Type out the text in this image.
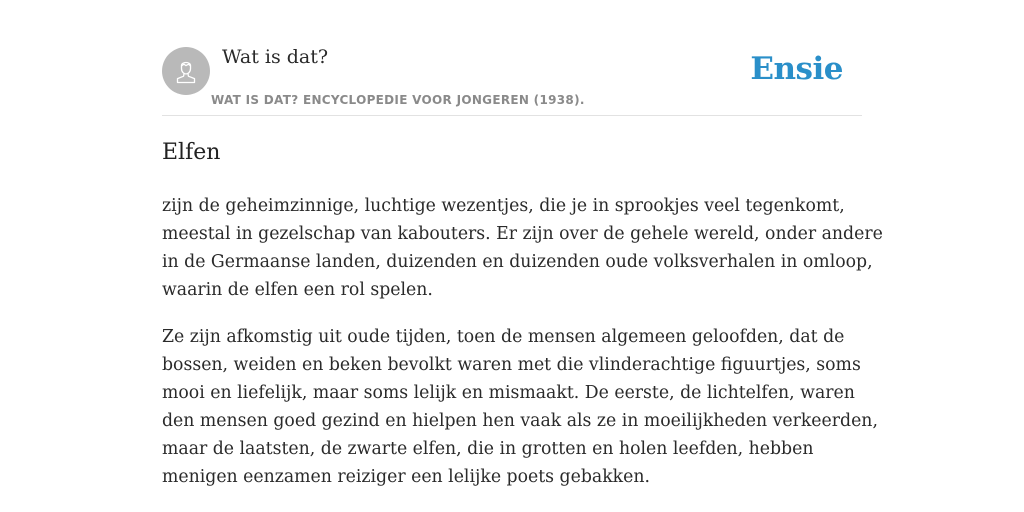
Wat is dat?
WAT IS DAT? ENCYCLOPEDIE VOOR JONGEREN (1938).
Ensie
Elfen

zijn de geheimzinnige, luchtige wezentjes, die je in sprookjes veel tegenkomt,
meestal in gezelschap van kabouters. Er zijn over de gehele wereld, onder andere
in de Germaanse landen, duizenden en duizenden oude volksverhalen in omloop,
waarin de elfen een rol spelen.

Ze zijn afkomstig uit oude tijden, toen de mensen algemeen geloofden, dat de
bossen, weiden en beken bevolkt waren met die vlinderachtige figuurtjes, soms
mooi en liefelijk, maar soms lelijk en mismaakt. De eerste, de lichtelfen, waren
den mensen goed gezind en hielpen hen vaak als ze in moeilijkheden verkeerden,
maar de laatsten, de zwarte elfen, die in grotten en holen leefden, hebben
menigen eenzamen reiziger een lelijke poets gebakken.
